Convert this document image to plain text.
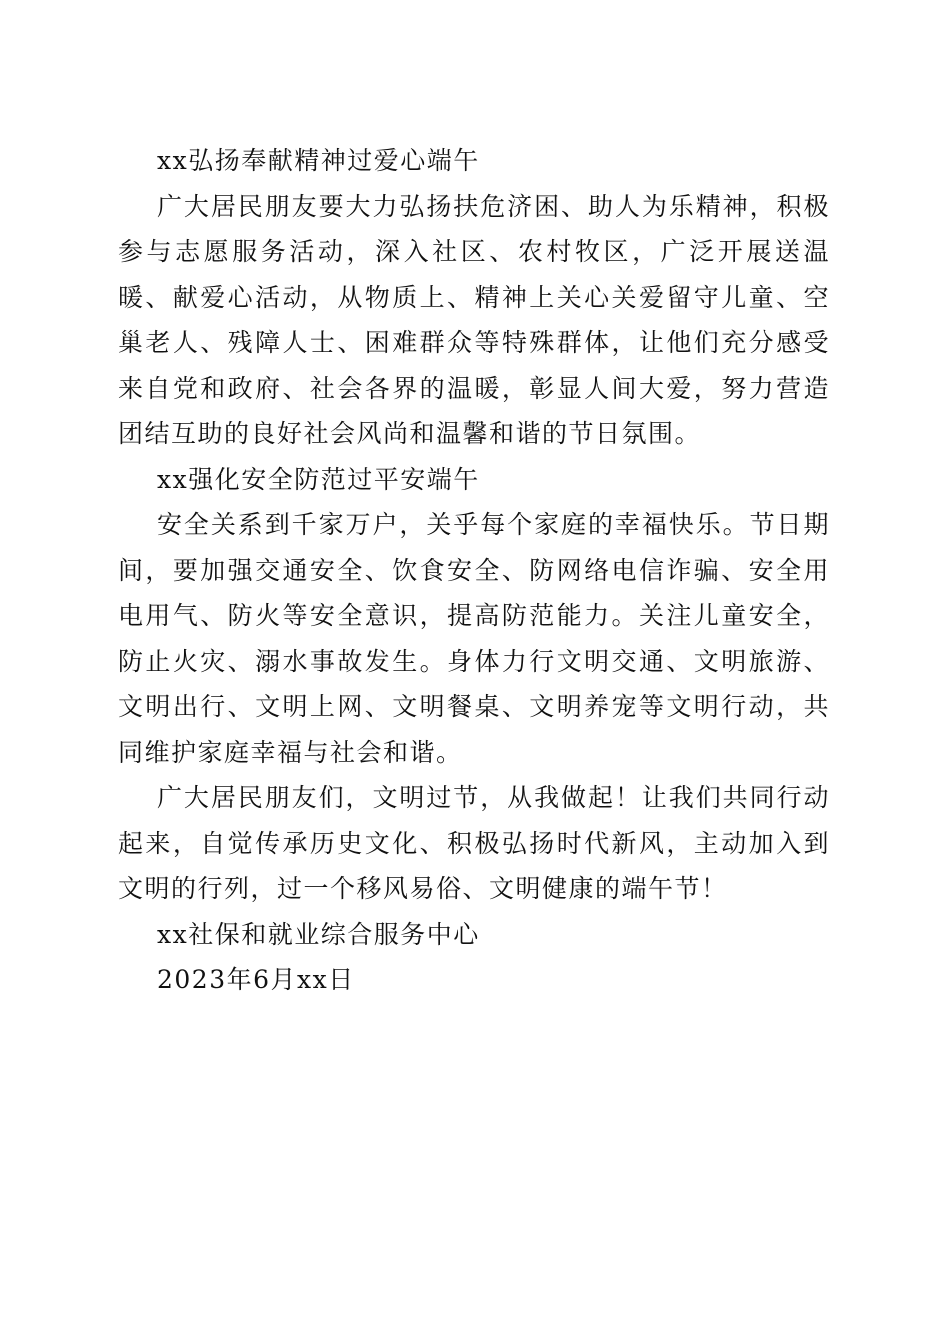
xx弘扬奉献精神过爱心端午

广大居民朋友要大力弘扬扶危济困、助人为乐精神，积极参与志愿服务活动，深入社区、农村牧区，广泛开展送温暖、献爱心活动，从物质上、精神上关心关爱留守儿童、空巢老人、残障人士、困难群众等特殊群体，让他们充分感受来自党和政府、社会各界的温暖，彰显人间大爱，努力营造团结互助的良好社会风尚和温馨和谐的节日氛围。

xx强化安全防范过平安端午

安全关系到千家万户，关乎每个家庭的幸福快乐。节日期间，要加强交通安全、饮食安全、防网络电信诈骗、安全用电用气、防火等安全意识，提高防范能力。关注儿童安全，防止火灾、溺水事故发生。身体力行文明交通、文明旅游、文明出行、文明上网、文明餐桌、文明养宠等文明行动，共同维护家庭幸福与社会和谐。

广大居民朋友们，文明过节，从我做起！让我们共同行动起来，自觉传承历史文化、积极弘扬时代新风，主动加入到文明的行列，过一个移风易俗、文明健康的端午节！

xx社保和就业综合服务中心

2023年6月xx日
